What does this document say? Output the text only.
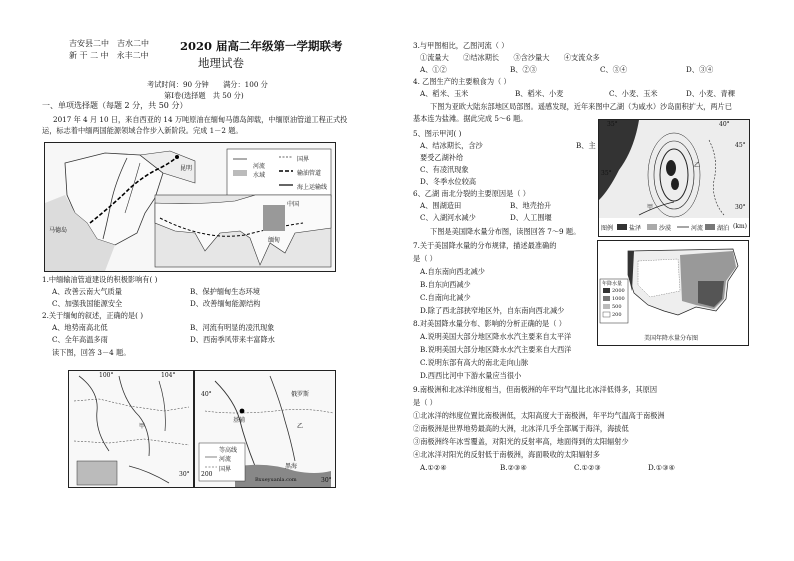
吉安县二中　吉水二中
新 干 二 中　永丰二中
2020 届高二年级第一学期联考
地理试卷
考试时间：90 分钟　　满分：100 分
第Ⅰ卷(选择题　共 50 分)
一、单项选择题（每题 2 分，共 50 分）
2017 年 4 月 10 日，来自西亚的 14 万吨原油在缅甸马德岛卸载，中缅原油管道工程正式投
运，标志着中缅两国能源领域合作步入新阶段。完成 1－2 题。
河流
水域
国界
输油管道
海上运输线
昆明
马德岛
中国
缅甸
1.中缅输油管道建设的积极影响有( )
A、改善云南大气质量	B、保护缅甸生态环境
C、加强我国能源安全	D、改善缅甸能源结构
2.关于缅甸的叙述，正确的是( )
A、地势南高北低	B、河流有明显的凌汛现象
C、全年高温多雨	D、西南季风带来丰富降水
读下图，回答 3－4 题。
100°	104°
甲
30°
俄罗斯
基辅
乙
40°
等高线
河流
国界	黑海
200
30°
Bxueyuanla.com
3.与甲图相比，乙图河流（ ）
①流量大　　②结冰期长　　③含沙量大　　④支流众多
A、①②	B、②③	C、③④	D、③④
4. 乙图生产的主要粮食为（ ）
A、稻米、玉米	B、稻米、小麦	C、小麦、玉米	D、小麦、青稞
下图为亚欧大陆东部地区局部图。遥感发现，近年来图中乙湖（为咸水）沙岛面积扩大，两片已
基本连为盐滩。据此完成 5～6 题。
5、图示甲河( )
A、结冰期长，含沙	B、主
要受乙湖补给
C、有凌汛现象
D、冬季水位较高
6、乙湖 南北分裂的主要原因是（ ）
A、围湖造田	B、地壳抬升
C、入湖河水减少	D、人工围堰
35°	40°
35°
45°
甲
乙
30°
图例	盐泽	沙漠	河流 湖泊 (km)
下图是美国降水量分布图，读图回答 7～9 题。
7.关于美国降水量的分布规律，描述最准确的
是（ ）
A.自东南向西北减少
B.自东向西减少
C.自南向北减少
D.除了西北部狭窄地区外，自东南向西北减少
年降水量
2000
1000
500
200
美国年降水量分布图
8.对美国降水量分布、影响的分析正确的是（ ）
A.说明美国大部分地区降水水汽主要来自太平洋
B.说明美国大部分地区降水水汽主要来自大西洋
C.说明东部有高大的南北走向山脉
D.西西比河中下游水量应当很小
9.南极洲和北冰洋纬度相当，但南极洲的年平均气温比北冰洋低得多，其原因
是（ ）
①北冰洋的纬度位置比南极洲低，太阳高度大于南极洲，年平均气温高于南极洲
②南极洲是世界地势最高的大洲，北冰洋几乎全部属于海洋，海拔低
③南极洲终年冰雪覆盖，对阳光的反射率高，地面得到的太阳辐射少
④北冰洋对阳光的反射低于南极洲，海面吸收的太阳辐射多
A.①②④	B.②③④	C.①②③	D.①③④
